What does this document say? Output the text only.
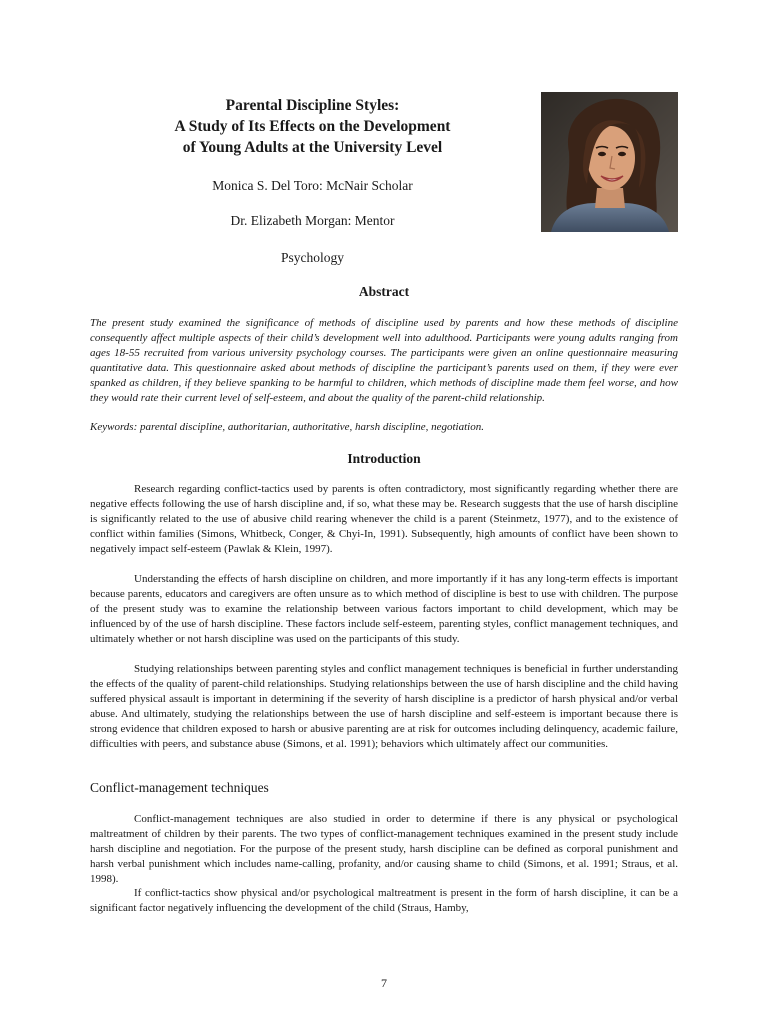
Parental Discipline Styles:

A Study of Its Effects on the Development

of Young Adults at the University Level

Monica S. Del Toro: McNair Scholar
Dr. Elizabeth Morgan: Mentor
Psychology
Abstract

The present study examined the significance of methods of discipline used by parents and how these methods of discipline consequently affect multiple aspects of their child’s development well into adulthood. Participants were young adults ranging from ages 18-55 recruited from various university psychology courses. The participants were given an online questionnaire measuring quantitative data. This questionnaire asked about methods of discipline the participant’s parents used on them, if they were ever spanked as children, if they believe spanking to be harmful to children, which methods of discipline made them feel worse, and how they would rate their current level of self-esteem, and about the quality of the parent-child relationship.

Keywords: parental discipline, authoritarian, authoritative, harsh discipline, negotiation.

Introduction

Research regarding conflict-tactics used by parents is often contradictory, most significantly regarding whether there are negative effects following the use of harsh discipline and, if so, what these may be. Research suggests that the use of harsh discipline is significantly related to the use of abusive child rearing whenever the child is a parent (Steinmetz, 1977), and to the existence of conflict within families (Simons, Whitbeck, Conger, & Chyi-In, 1991). Subsequently, high amounts of conflict have been shown to negatively impact self-esteem (Pawlak & Klein, 1997).

Understanding the effects of harsh discipline on children, and more importantly if it has any long-term effects is important because parents, educators and caregivers are often unsure as to which method of discipline is best to use with children. The purpose of the present study was to examine the relationship between various factors important to child development, which may be influenced by of the use of harsh discipline. These factors include self-esteem, parenting styles, conflict management techniques, and ultimately whether or not harsh discipline was used on the participants of this study.

Studying relationships between parenting styles and conflict management techniques is beneficial in further understanding the effects of the quality of parent-child relationships. Studying relationships between the use of harsh discipline and the child having suffered physical assault is important in determining if the severity of harsh discipline is a predictor of harsh physical and/or verbal abuse. And ultimately, studying the relationships between the use of harsh discipline and self-esteem is important because there is strong evidence that children exposed to harsh or abusive parenting are at risk for outcomes including delinquency, academic failure, difficulties with peers, and substance abuse (Simons, et al. 1991); behaviors which ultimately affect our communities.

Conflict-management techniques

Conflict-management techniques are also studied in order to determine if there is any physical or psychological maltreatment of children by their parents. The two types of conflict-management techniques examined in the present study include harsh discipline and negotiation. For the purpose of the present study, harsh discipline can be defined as corporal punishment and harsh verbal punishment which includes name-calling, profanity, and/or causing shame to child (Simons, et al. 1991; Straus, et al. 1998).

If conflict-tactics show physical and/or psychological maltreatment is present in the form of harsh discipline, it can be a significant factor negatively influencing the development of the child (Straus, Hamby,

7
